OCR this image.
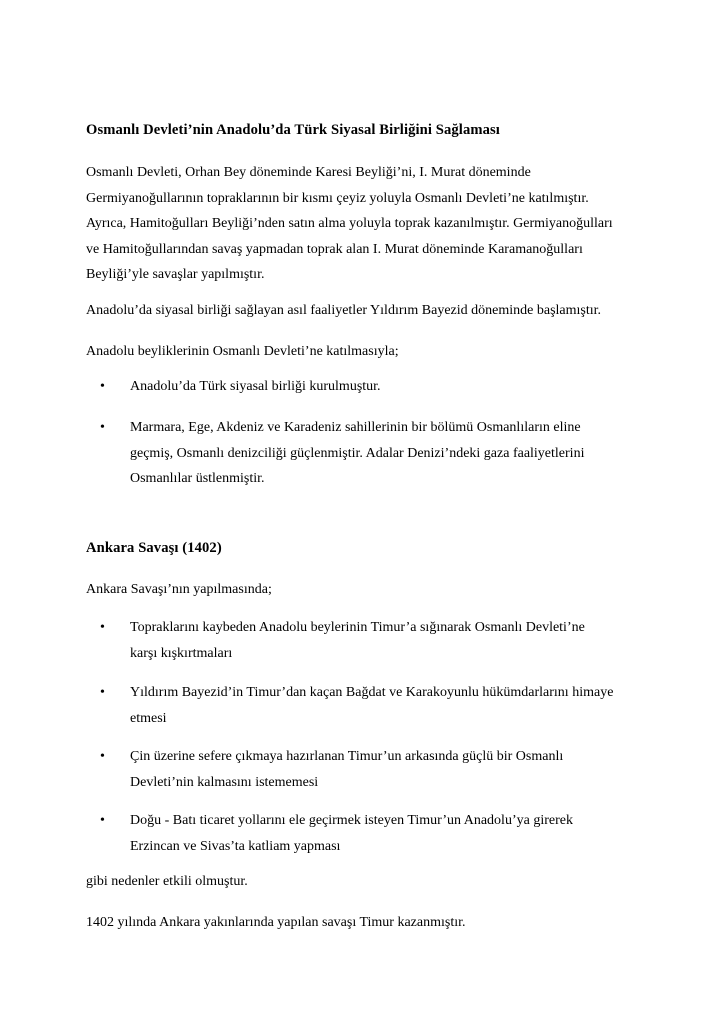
Osmanlı Devleti’nin Anadolu’da Türk Siyasal Birliğini Sağlaması
Osmanlı Devleti, Orhan Bey döneminde Karesi Beyliği’ni, I. Murat döneminde
Germiyanoğullarının topraklarının bir kısmı çeyiz yoluyla Osmanlı Devleti’ne katılmıştır.
Ayrıca, Hamitoğulları Beyliği’nden satın alma yoluyla toprak kazanılmıştır. Germiyanoğulları
ve Hamitoğullarından savaş yapmadan toprak alan I. Murat döneminde Karamanoğulları
Beyliği’yle savaşlar yapılmıştır.
Anadolu’da siyasal birliği sağlayan asıl faaliyetler Yıldırım Bayezid döneminde başlamıştır.
Anadolu beyliklerinin Osmanlı Devleti’ne katılmasıyla;
• Anadolu’da Türk siyasal birliği kurulmuştur.
• Marmara, Ege, Akdeniz ve Karadeniz sahillerinin bir bölümü Osmanlıların eline
geçmiş, Osmanlı denizciliği güçlenmiştir. Adalar Denizi’ndeki gaza faaliyetlerini
Osmanlılar üstlenmiştir.
Ankara Savaşı (1402)
Ankara Savaşı’nın yapılmasında;
• Topraklarını kaybeden Anadolu beylerinin Timur’a sığınarak Osmanlı Devleti’ne
karşı kışkırtmaları
• Yıldırım Bayezid’in Timur’dan kaçan Bağdat ve Karakoyunlu hükümdarlarını himaye
etmesi
• Çin üzerine sefere çıkmaya hazırlanan Timur’un arkasında güçlü bir Osmanlı
Devleti’nin kalmasını istememesi
• Doğu - Batı ticaret yollarını ele geçirmek isteyen Timur’un Anadolu’ya girerek
Erzincan ve Sivas’ta katliam yapması
gibi nedenler etkili olmuştur.
1402 yılında Ankara yakınlarında yapılan savaşı Timur kazanmıştır.
